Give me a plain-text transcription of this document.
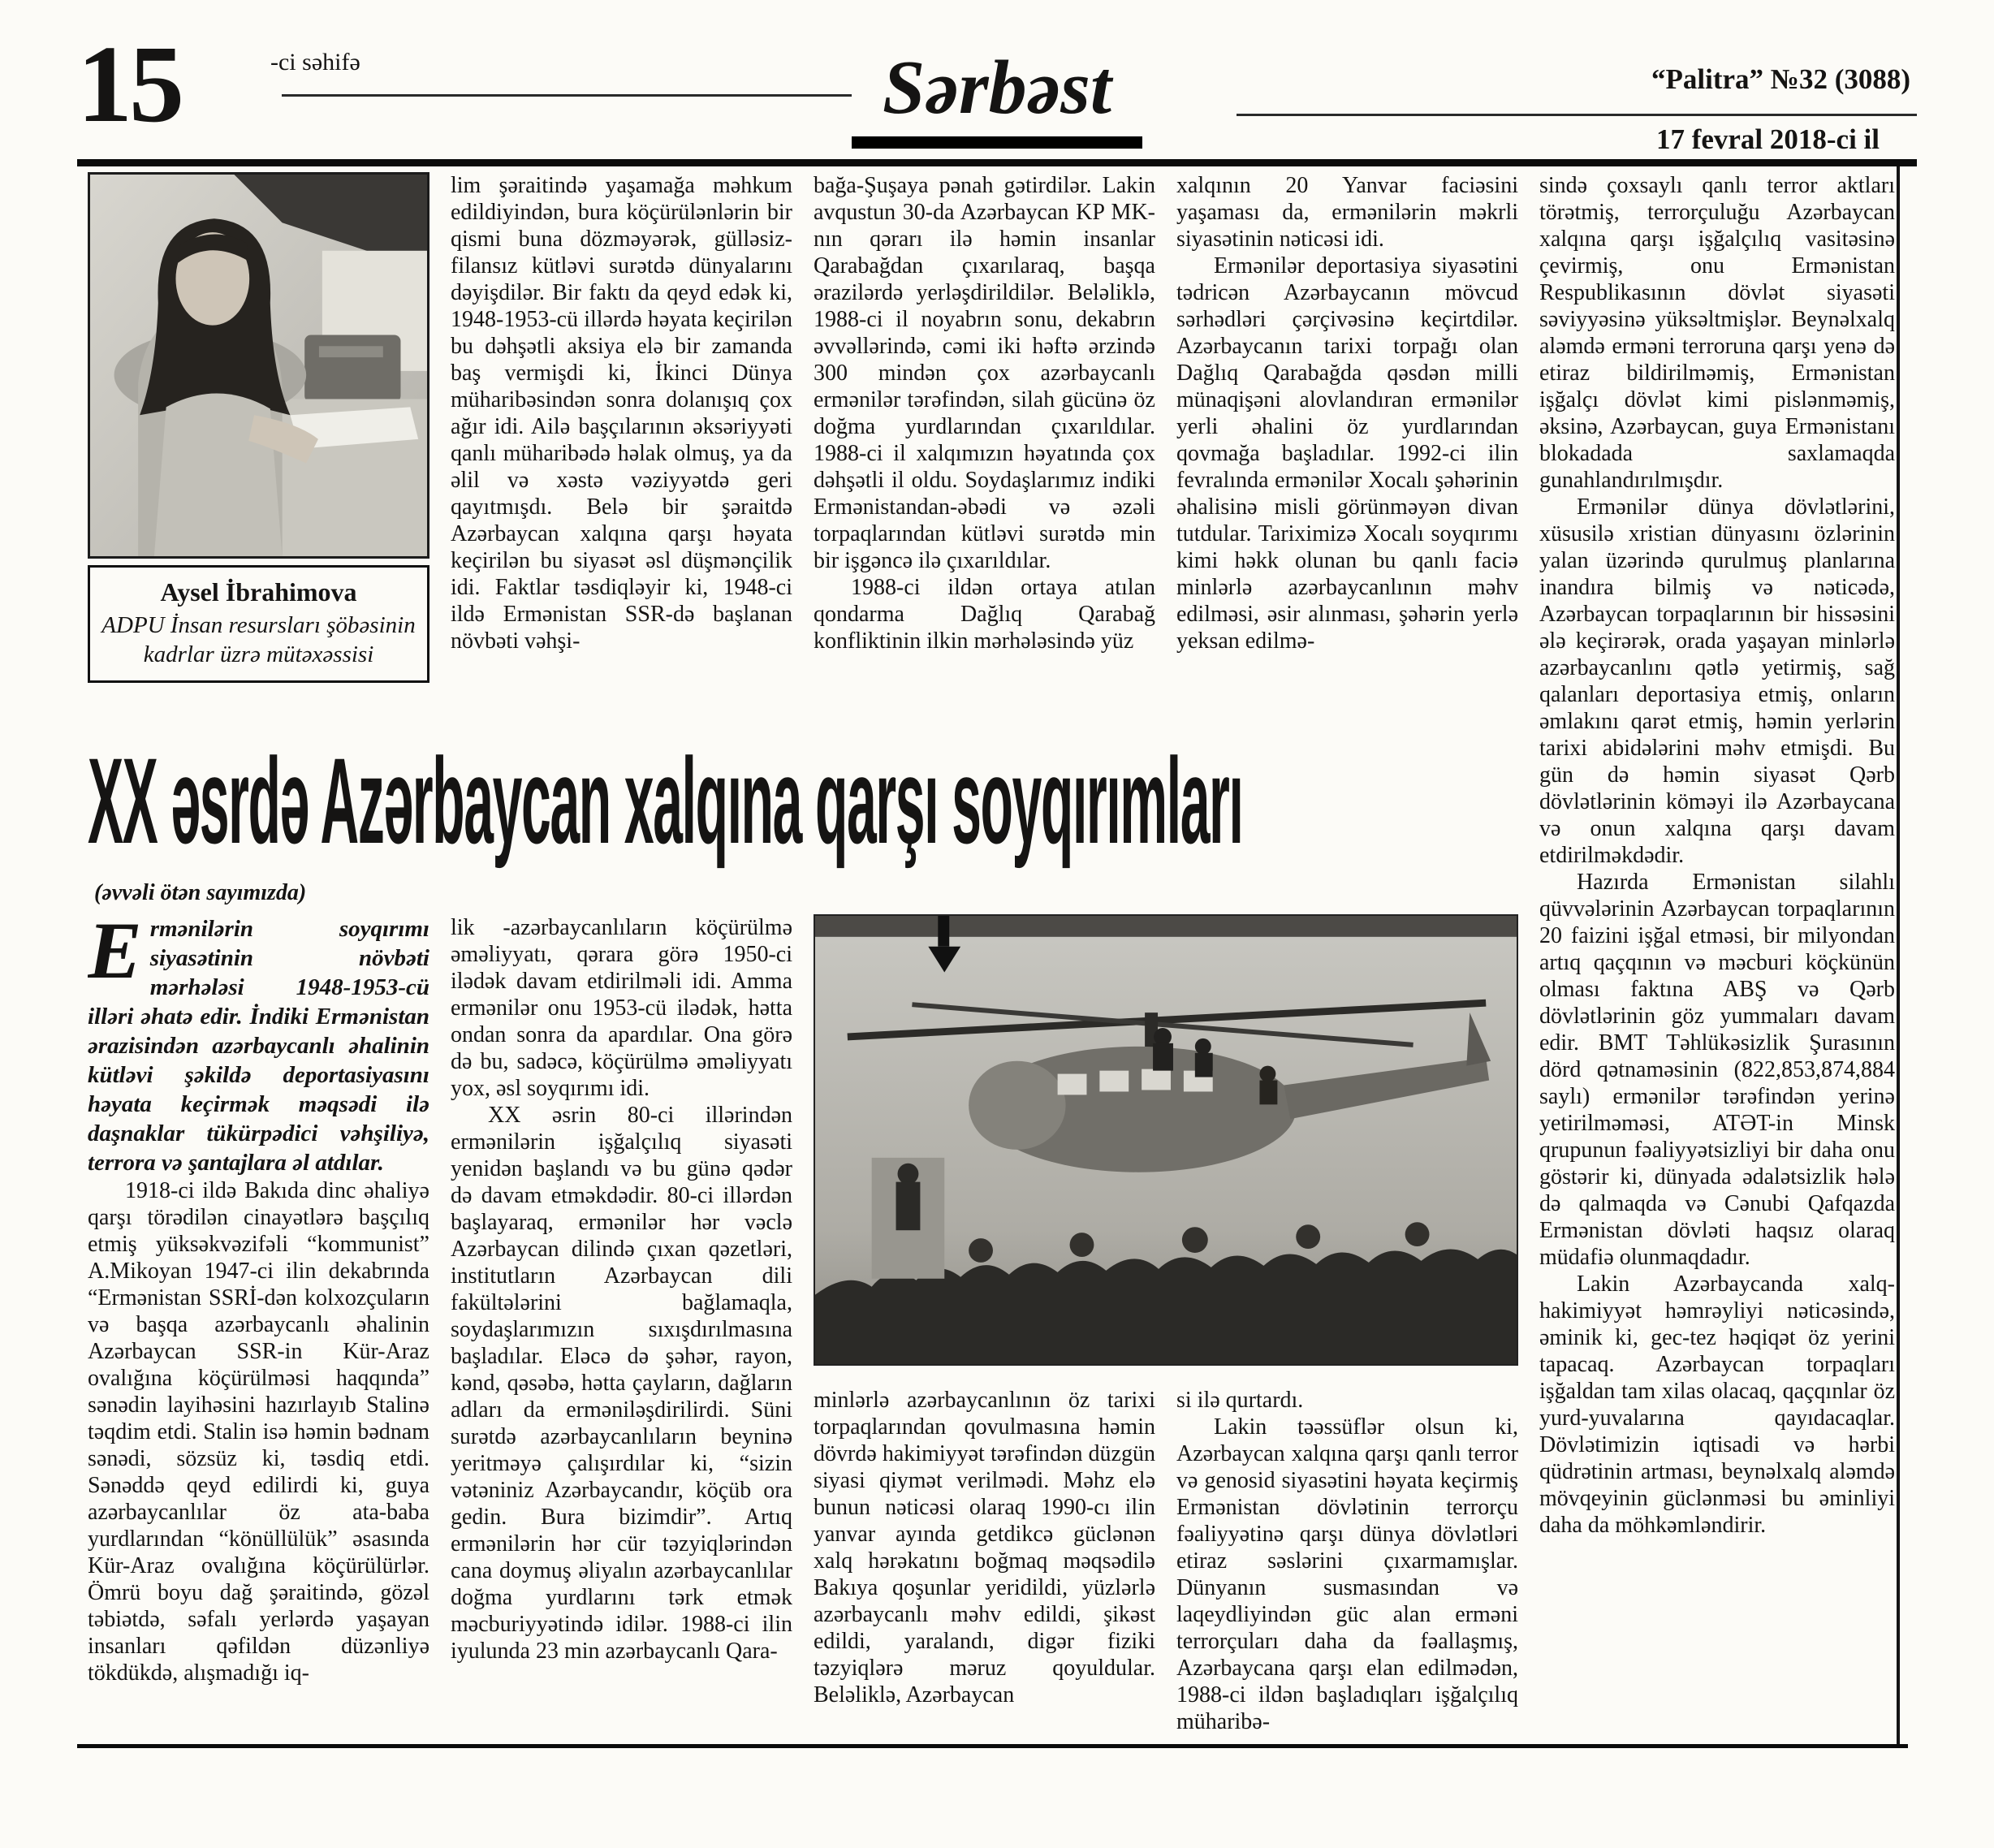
15	-ci səhifə	Sərbəst	“Palitra” №32 (3088)
17 fevral 2018-ci il
Aysel İbrahimova
ADPU İnsan resursları şöbəsinin kadrlar üzrə mütəxəssisi

lim şəraitində yaşamağa məhkum edildiyindən, bura köçürülənlərin bir qismi buna dözməyərək, gülləsiz-filansız kütləvi surətdə dünyalarını dəyişdilər. Bir faktı da qeyd edək ki, 1948-1953-cü illərdə həyata keçirilən bu dəhşətli aksiya elə bir zamanda baş vermişdi ki, İkinci Dünya müharibəsindən sonra dolanışıq çox ağır idi. Ailə başçılarının əksəriyyəti qanlı müharibədə həlak olmuş, ya da əlil və xəstə vəziyyətdə geri qayıtmışdı. Belə bir şəraitdə Azərbaycan xalqına qarşı həyata keçirilən bu siyasət əsl düşmənçilik idi. Faktlar təsdiqləyir ki, 1948-ci ildə Ermənistan SSR-də başlanan növbəti vəhşi-

bağa-Şuşaya pənah gətirdilər. Lakin avqustun 30-da Azərbaycan KP MK-nın qərarı ilə həmin insanlar Qarabağdan çıxarılaraq, başqa ərazilərdə yerləşdirildilər. Beləliklə, 1988-ci il noyabrın sonu, dekabrın əvvəllərində, cəmi iki həftə ərzində 300 mindən çox azərbaycanlı ermənilər tərəfindən, silah gücünə öz doğma yurdlarından çıxarıldılar. 1988-ci il xalqımızın həyatında çox dəhşətli il oldu. Soydaşlarımız indiki Ermənistandan-əbədi və əzəli torpaqlarından kütləvi surətdə min bir işgəncə ilə çıxarıldılar.

1988-ci ildən ortaya atılan qondarma Dağlıq Qarabağ konfliktinin ilkin mərhələsində yüz

xalqının 20 Yanvar faciəsini yaşaması da, ermənilərin məkrli siyasətinin nəticəsi idi.

Ermənilər deportasiya siyasətini tədricən Azərbaycanın mövcud sərhədləri çərçivəsinə keçirtdilər. Azərbaycanın tarixi torpağı olan Dağlıq Qarabağda qəsdən milli münaqişəni alovlandıran ermənilər yerli əhalini öz yurdlarından qovmağa başladılar. 1992-ci ilin fevralında ermənilər Xocalı şəhərinin əhalisinə misli görünməyən divan tutdular. Tariximizə Xocalı soyqırımı kimi həkk olunan bu qanlı faciə minlərlə azərbaycanlının məhv edilməsi, əsir alınması, şəhərin yerlə yeksan edilmə-

XX əsrdə Azərbaycan xalqına qarşı soyqırımları
(əvvəli ötən sayımızda)

Ermənilərin soyqırımı siyasətinin növbəti mərhələsi 1948-1953-cü illəri əhatə edir. İndiki Ermənistan ərazisindən azərbaycanlı əhalinin kütləvi şəkildə deportasiyasını həyata keçirmək məqsədi ilə daşnaklar tükürpədici vəhşiliyə, terrora və şantajlara əl atdılar.

1918-ci ildə Bakıda dinc əhaliyə qarşı törədilən cinayətlərə başçılıq etmiş yüksəkvəzifəli “kommunist” A.Mikoyan 1947-ci ilin dekabrında “Ermənistan SSRİ-dən kolxozçuların və başqa azərbaycanlı əhalinin Azərbaycan SSR-in Kür-Araz ovalığına köçürülməsi haqqında” sənədin layihəsini hazırlayıb Stalinə təqdim etdi. Stalin isə həmin bədnam sənədi, sözsüz ki, təsdiq etdi. Sənəddə qeyd edilirdi ki, guya azərbaycanlılar öz ata-baba yurdlarından “könüllülük” əsasında Kür-Araz ovalığına köçürülürlər. Ömrü boyu dağ şəraitində, gözəl təbiətdə, səfalı yerlərdə yaşayan insanları qəfildən düzənliyə tökdükdə, alışmadığı iq-

lik -azərbaycanlıların köçürülmə əməliyyatı, qərara görə 1950-ci ilədək davam etdirilməli idi. Amma ermənilər onu 1953-cü ilədək, hətta ondan sonra da apardılar. Ona görə də bu, sadəcə, köçürülmə əməliyyatı yox, əsl soyqırımı idi.

XX əsrin 80-ci illərindən ermənilərin işğalçılıq siyasəti yenidən başlandı və bu günə qədər də davam etməkdədir. 80-ci illərdən başlayaraq, ermənilər hər vəclə Azərbaycan dilində çıxan qəzetləri, institutların Azərbaycan dili fakültələrini bağlamaqla, soydaşlarımızın sıxışdırılmasına başladılar. Eləcə də şəhər, rayon, kənd, qəsəbə, hətta çayların, dağların adları da erməniləşdirilirdi. Süni surətdə azərbaycanlıların beyninə yeritməyə çalışırdılar ki, “sizin vətəniniz Azərbaycandır, köçüb ora gedin. Bura bizimdir”. Artıq ermənilərin hər cür təzyiqlərindən cana doymuş əliyalın azərbaycanlılar doğma yurdlarını tərk etmək məcburiyyətində idilər. 1988-ci ilin iyulunda 23 min azərbaycanlı Qara-

minlərlə azərbaycanlının öz tarixi torpaqlarından qovulmasına həmin dövrdə hakimiyyət tərəfindən düzgün siyasi qiymət verilmədi. Məhz elə bunun nəticəsi olaraq 1990-cı ilin yanvar ayında getdikcə güclənən xalq hərəkatını boğmaq məqsədilə Bakıya qoşunlar yeridildi, yüzlərlə azərbaycanlı məhv edildi, şikəst edildi, yaralandı, digər fiziki təzyiqlərə məruz qoyuldular. Beləliklə, Azərbaycan

si ilə qurtardı.

Lakin təəssüflər olsun ki, Azərbaycan xalqına qarşı qanlı terror və genosid siyasətini həyata keçirmiş Ermənistan dövlətinin terrorçu fəaliyyətinə qarşı dünya dövlətləri etiraz səslərini çıxarmamışlar. Dünyanın susmasından və laqeydliyindən güc alan erməni terrorçuları daha da fəallaşmış, Azərbaycana qarşı elan edilmədən, 1988-ci ildən başladıqları işğalçılıq müharibə-

sində çoxsaylı qanlı terror aktları törətmiş, terrorçuluğu Azərbaycan xalqına qarşı işğalçılıq vasitəsinə çevirmiş, onu Ermənistan Respublikasının dövlət siyasəti səviyyəsinə yüksəltmişlər. Beynəlxalq aləmdə erməni terroruna qarşı yenə də etiraz bildirilməmiş, Ermənistan işğalçı dövlət kimi pislənməmiş, əksinə, Azərbaycan, guya Ermənistanı blokadada saxlamaqda gunahlandırılmışdır.

Ermənilər dünya dövlətlərini, xüsusilə xristian dünyasını özlərinin yalan üzərində qurulmuş planlarına inandıra bilmiş və nəticədə, Azərbaycan torpaqlarının bir hissəsini ələ keçirərək, orada yaşayan minlərlə azərbaycanlını qətlə yetirmiş, sağ qalanları deportasiya etmiş, onların əmlakını qarət etmiş, həmin yerlərin tarixi abidələrini məhv etmişdi. Bu gün də həmin siyasət Qərb dövlətlərinin köməyi ilə Azərbaycana və onun xalqına qarşı davam etdirilməkdədir.

Hazırda Ermənistan silahlı qüvvələrinin Azərbaycan torpaqlarının 20 faizini işğal etməsi, bir milyondan artıq qaçqının və məcburi köçkünün olması faktına ABŞ və Qərb dövlətlərinin göz yummaları davam edir. BMT Təhlükəsizlik Şurasının dörd qətnaməsinin (822,853,874,884 saylı) ermənilər tərəfindən yerinə yetirilməməsi, ATƏT-in Minsk qrupunun fəaliyyətsizliyi bir daha onu göstərir ki, dünyada ədalətsizlik hələ də qalmaqda və Cənubi Qafqazda Ermənistan dövləti haqsız olaraq müdafiə olunmaqdadır.

Lakin Azərbaycanda xalq-hakimiyyət həmrəyliyi nəticəsində, əminik ki, gec-tez həqiqət öz yerini tapacaq. Azərbaycan torpaqları işğaldan tam xilas olacaq, qaçqınlar öz yurd-yuvalarına qayıdacaqlar. Dövlətimizin iqtisadi və hərbi qüdrətinin artması, beynəlxalq aləmdə mövqeyinin güclənməsi bu əminliyi daha da möhkəmləndirir.
